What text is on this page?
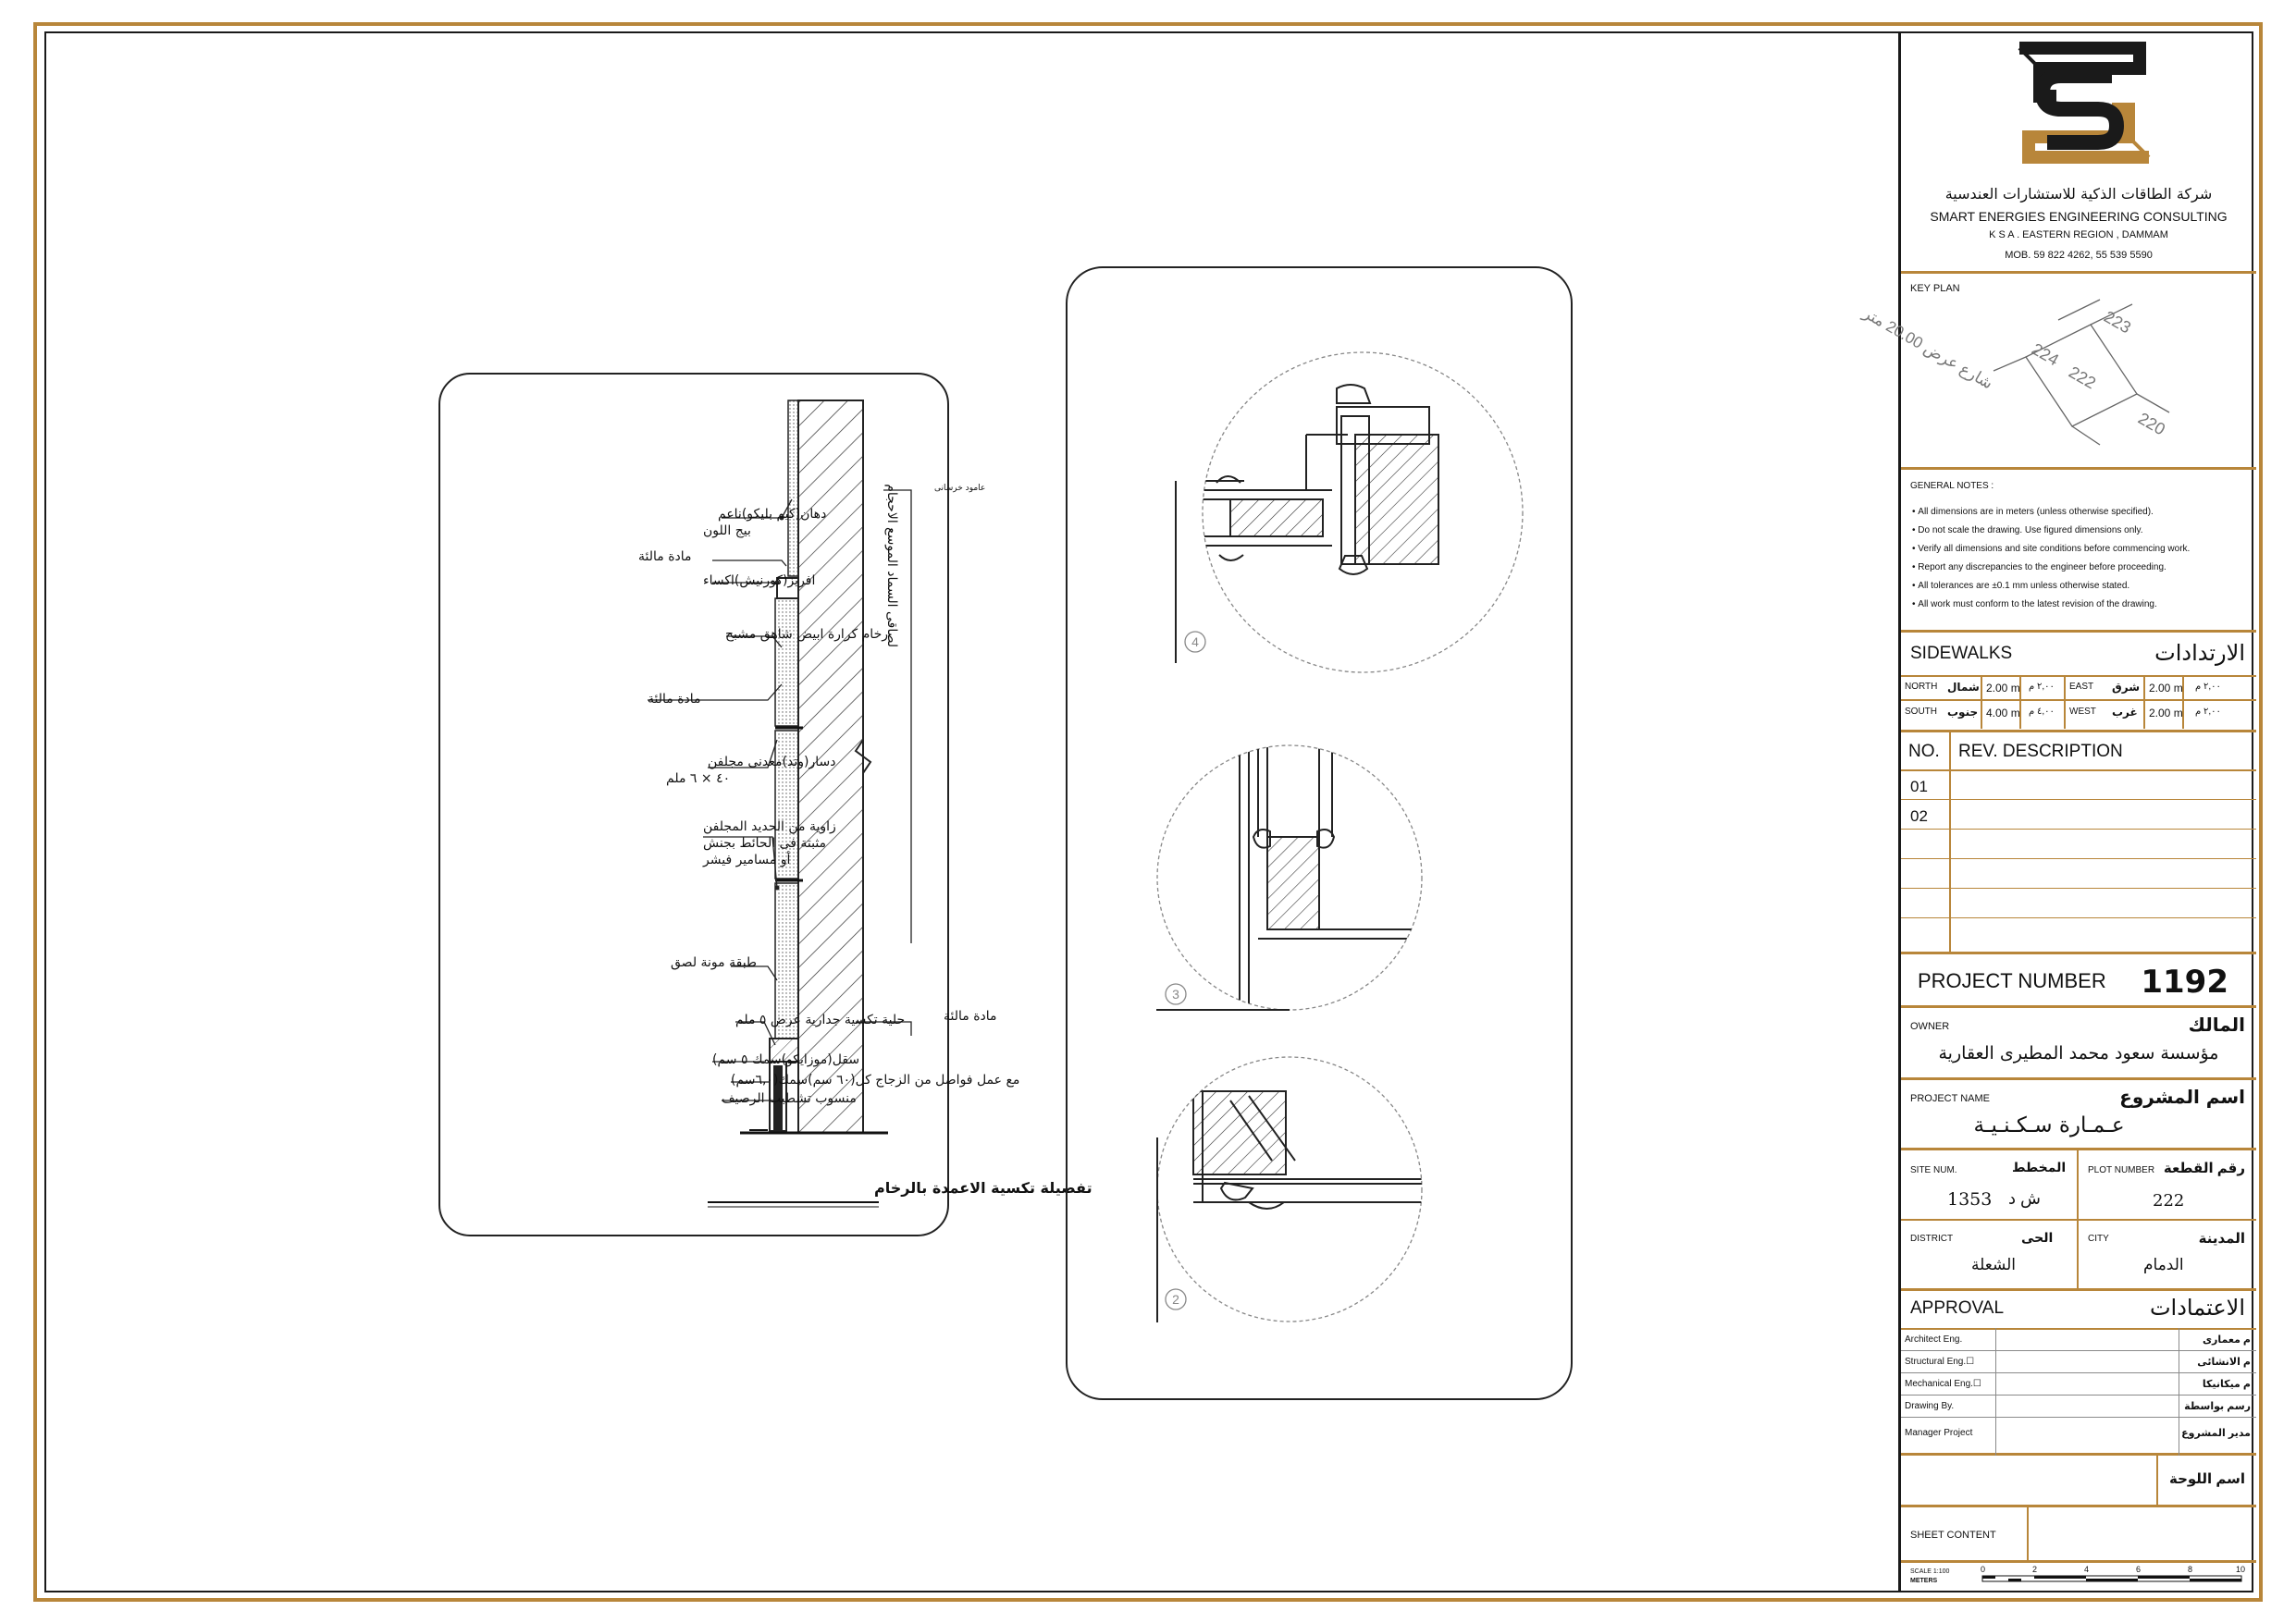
دهان(كيم بليكو)ناعم
بيج اللون
مادة مالئة
افريز(كورنيش)اكساء
رخام كرارة ابيض شاهق مشبح
مادة مالئة
دسار(وتد)معدنى مجلفن
٤٠ × ٦ ملم
زاوية من الحديد المجلفن
مثبتة فى الحائط بجنش
أو مسامير فيشر
طبقة مونة لصق
حلية تكسية جدارية عرض ٥ ملم
سقل(موزايكو)سمك ٥ سم)
مع عمل فواصل من الزجاج كل(٦٠ سم)سمك(٦,٠سم)
منسوب تشطيب الرصيف
عامود خرسانى
لصاقى السماد الموسع الاحجام
مادة مالئة
تفصيلة تكسية الاعمدة بالرخام
4
3
2
شركة الطاقات الذكية للاستشارات العندسية
SMART ENERGIES ENGINEERING CONSULTING
K S A . EASTERN REGION , DAMMAM
MOB. 59 822 4262, 55 539 5590
KEY PLAN
223
224
222
220
شارع عرض 20.00 متر
GENERAL NOTES :
• All dimensions are in meters (unless otherwise specified).
• Do not scale the drawing. Use figured dimensions only.
• Verify all dimensions and site conditions before commencing work.
• Report any discrepancies to the engineer before proceeding.
• All tolerances are ±0.1 mm unless otherwise stated.
• All work must conform to the latest revision of the drawing.
SIDEWALKS	الارتدادات
NORTH شمال 2.00 m ٢,٠٠ م EAST شرق 2.00 m ٢,٠٠ م
SOUTH جنوب 4.00 m ٤,٠٠ م WEST غرب 2.00 m ٢,٠٠ م
NO. REV. DESCRIPTION
01
02
PROJECT NUMBER 1192
OWNER	المالك
مؤسسة سعود محمد المطيرى العقارية
PROJECT NAME	اسم المشروع
عـمـارة سـكـنـيـة
SITE NUM.	المخطط
1353 ش د
PLOT NUMBER رقم القطعة
222
DISTRICT	الحى
الشعلة
CITY	المدينة
الدمام
APPROVAL	الاعتمادات
Architect Eng.	م معمارى
Structural Eng.☐	م الانشائى
Mechanical Eng.☐	م ميكانيكا
Drawing By.	رسم بواسطة
Manager Project	مدير المشروع
اسم اللوحة
SHEET CONTENT
SCALE 1:100
METERS
0	2	4	6	8	10
